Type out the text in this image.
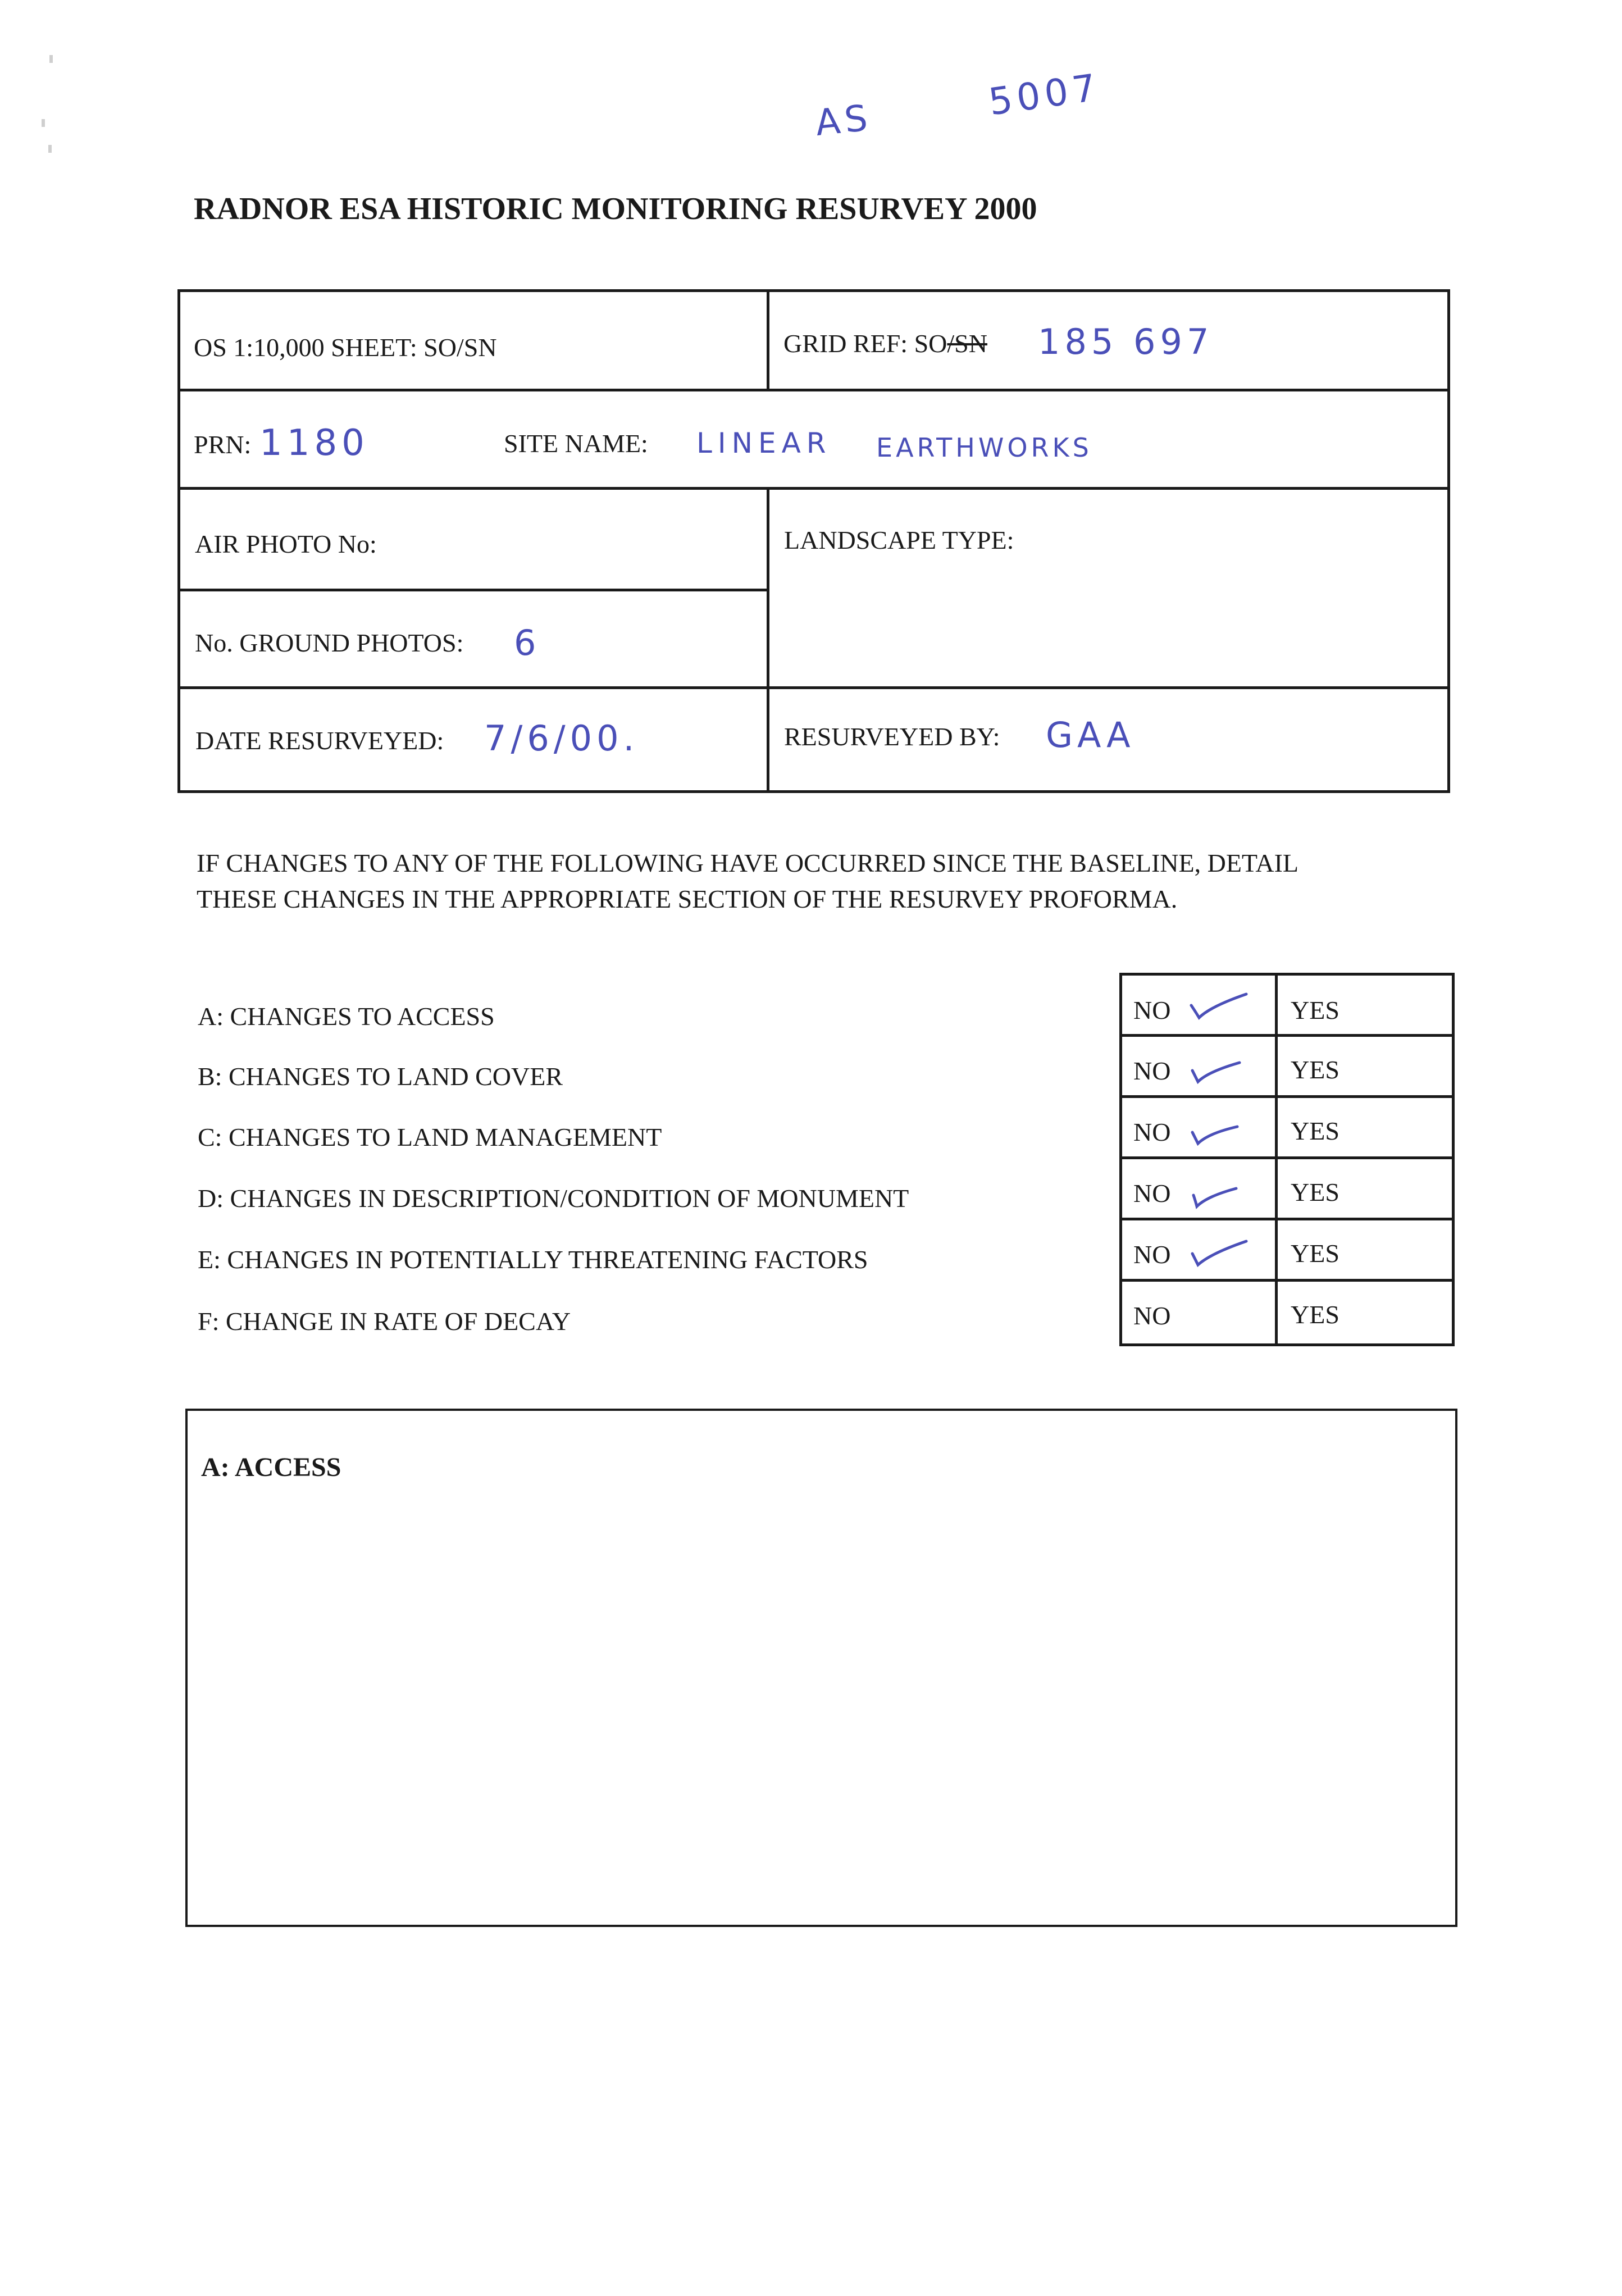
AS	5007
RADNOR ESA HISTORIC MONITORING RESURVEY 2000
OS 1:10,000 SHEET: SO/SN	GRID REF: SO/SN 185 697
PRN: 1180	SITE NAME: LINEAR EARTHWORKS
AIR PHOTO No:	LANDSCAPE TYPE:
No. GROUND PHOTOS: 6
DATE RESURVEYED: 7/6/00.	RESURVEYED BY: GAA
IF CHANGES TO ANY OF THE FOLLOWING HAVE OCCURRED SINCE THE BASELINE, DETAIL
THESE CHANGES IN THE APPROPRIATE SECTION OF THE RESURVEY PROFORMA.
A: CHANGES TO ACCESS
B: CHANGES TO LAND COVER
C: CHANGES TO LAND MANAGEMENT
D: CHANGES IN DESCRIPTION/CONDITION OF MONUMENT
E: CHANGES IN POTENTIALLY THREATENING FACTORS
F: CHANGE IN RATE OF DECAY
NO	YES
NO	YES
NO	YES
NO	YES
NO	YES
NO	YES
A: ACCESS
